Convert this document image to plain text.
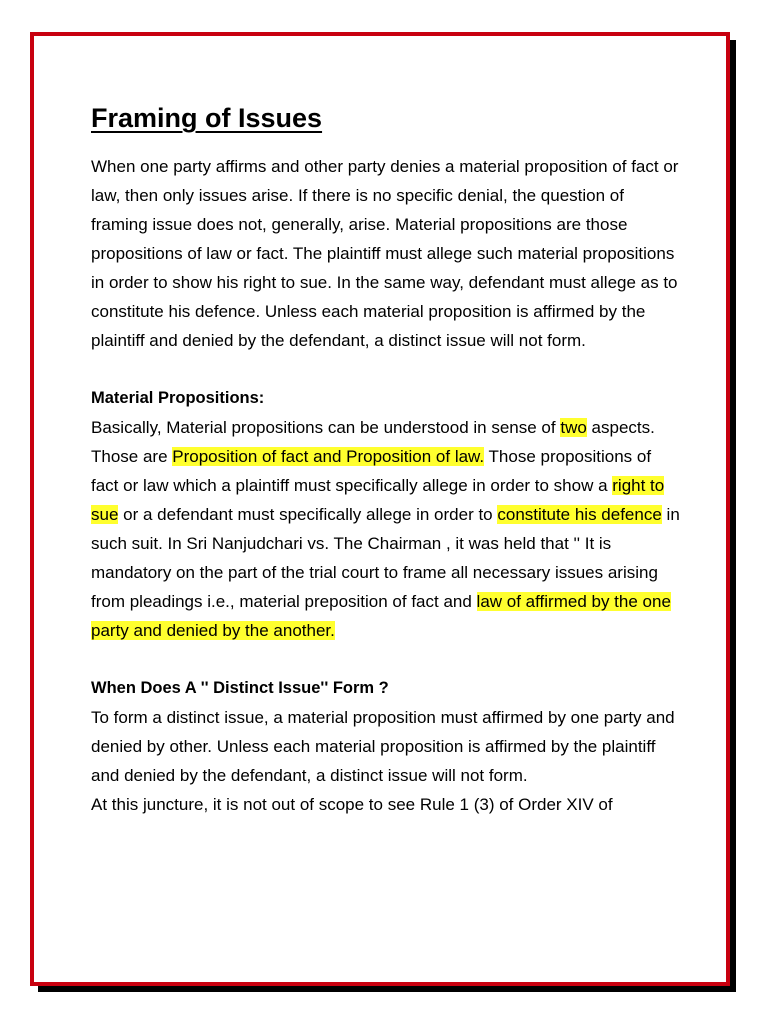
Framing of Issues

When one party affirms and other party denies a material proposition of fact or law, then only issues arise. If there is no specific denial, the question of framing issue does not, generally, arise. Material propositions are those propositions of law or fact. The plaintiff must allege such material propositions in order to show his right to sue. In the same way, defendant must allege as to constitute his defence. Unless each material proposition is affirmed by the plaintiff and denied by the defendant, a distinct issue will not form.

Material Propositions:

Basically, Material propositions can be understood in sense of two aspects. Those are Proposition of fact and Proposition of law. Those propositions of fact or law which a plaintiff must specifically allege in order to show a right to sue or a defendant must specifically allege in order to constitute his defence in such suit. In Sri Nanjudchari vs. The Chairman , it was held that '' It is mandatory on the part of the trial court to frame all necessary issues arising from pleadings i.e., material preposition of fact and law of affirmed by the one party and denied by the another.

When Does A '' Distinct Issue'' Form ?

To form a distinct issue, a material proposition must affirmed by one party and denied by other. Unless each material proposition is affirmed by the plaintiff and denied by the defendant, a distinct issue will not form.

At this juncture, it is not out of scope to see Rule 1 (3) of Order XIV of
